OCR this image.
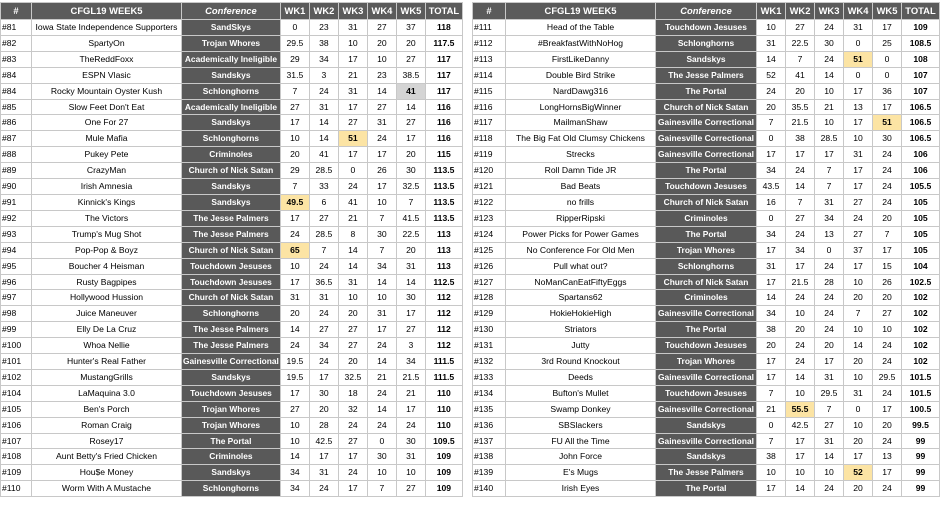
#	CFGL19 WEEK5	Conference	WK1	WK2	WK3	WK4	WK5	TOTAL
#81	Iowa State Independence Supporters	SandSkys	0	23	31	27	37	118
#82	SpartyOn	Trojan Whores	29.5	38	10	20	20	117.5
#83	TheReddFoxx	Academically Ineligible	29	34	17	10	27	117
#84	ESPN Vlasic	Sandskys	31.5	3	21	23	38.5	117
#84	Rocky Mountain Oyster Kush	Schlonghorns	7	24	31	14	41	117
#85	Slow Feet Don't Eat	Academically Ineligible	27	31	17	27	14	116
#86	One For 27	Sandskys	17	14	27	31	27	116
#87	Mule Mafia	Schlonghorns	10	14	51	24	17	116
#88	Pukey Pete	Criminoles	20	41	17	17	20	115
#89	CrazyMan	Church of Nick Satan	29	28.5	0	26	30	113.5
#90	Irish Amnesia	Sandskys	7	33	24	17	32.5	113.5
#91	Kinnick's Kings	Sandskys	49.5	6	41	10	7	113.5
#92	The Victors	The Jesse Palmers	17	27	21	7	41.5	113.5
#93	Trump's Mug Shot	The Jesse Palmers	24	28.5	8	30	22.5	113
#94	Pop-Pop & Boyz	Church of Nick Satan	65	7	14	7	20	113
#95	Boucher 4 Heisman	Touchdown Jesuses	10	24	14	34	31	113
#96	Rusty Bagpipes	Touchdown Jesuses	17	36.5	31	14	14	112.5
#97	Hollywood Hussion	Church of Nick Satan	31	31	10	10	30	112
#98	Juice Maneuver	Schlonghorns	20	24	20	31	17	112
#99	Elly De La Cruz	The Jesse Palmers	14	27	27	17	27	112
#100	Whoa Nellie	The Jesse Palmers	24	34	27	24	3	112
#101	Hunter's Real Father	Gainesville Correctional	19.5	24	20	14	34	111.5
#102	MustangGrills	Sandskys	19.5	17	32.5	21	21.5	111.5
#104	LaMaquina 3.0	Touchdown Jesuses	17	30	18	24	21	110
#105	Ben's Porch	Trojan Whores	27	20	32	14	17	110
#106	Roman Craig	Trojan Whores	10	28	24	24	24	110
#107	Rosey17	The Portal	10	42.5	27	0	30	109.5
#108	Aunt Betty's Fried Chicken	Criminoles	14	17	17	30	31	109
#109	Hou$e Money	Sandskys	34	31	24	10	10	109
#110	Worm With A Mustache	Schlonghorns	34	24	17	7	27	109
#	CFGL19 WEEK5	Conference	WK1	WK2	WK3	WK4	WK5	TOTAL
#111	Head of the Table	Touchdown Jesuses	10	27	24	31	17	109
#112	#BreakfastWithNoHog	Schlonghorns	31	22.5	30	0	25	108.5
#113	FirstLikeDanny	Sandskys	14	7	24	51	0	108
#114	Double Bird Strike	The Jesse Palmers	52	41	14	0	0	107
#115	NardDawg316	The Portal	24	20	10	17	36	107
#116	LongHornsBigWinner	Church of Nick Satan	20	35.5	21	13	17	106.5
#117	MailmanShaw	Gainesville Correctional	7	21.5	10	17	51	106.5
#118	The Big Fat Old Clumsy Chickens	Gainesville Correctional	0	38	28.5	10	30	106.5
#119	Strecks	Gainesville Correctional	17	17	17	31	24	106
#120	Roll Damn Tide JR	The Portal	34	24	7	17	24	106
#121	Bad Beats	Touchdown Jesuses	43.5	14	7	17	24	105.5
#122	no frills	Church of Nick Satan	16	7	31	27	24	105
#123	RipperRipski	Criminoles	0	27	34	24	20	105
#124	Power Picks for Power Games	The Portal	34	24	13	27	7	105
#125	No Conference For Old Men	Trojan Whores	17	34	0	37	17	105
#126	Pull what out?	Schlonghorns	31	17	24	17	15	104
#127	NoManCanEatFiftyEggs	Church of Nick Satan	17	21.5	28	10	26	102.5
#128	Spartans62	Criminoles	14	24	24	20	20	102
#129	HokieHokieHigh	Gainesville Correctional	34	10	24	7	27	102
#130	Striators	The Portal	38	20	24	10	10	102
#131	Jutty	Touchdown Jesuses	20	24	20	14	24	102
#132	3rd Round Knockout	Trojan Whores	17	24	17	20	24	102
#133	Deeds	Gainesville Correctional	17	14	31	10	29.5	101.5
#134	Bufton's Mullet	Touchdown Jesuses	7	10	29.5	31	24	101.5
#135	Swamp Donkey	Gainesville Correctional	21	55.5	7	0	17	100.5
#136	SBSlackers	Sandskys	0	42.5	27	10	20	99.5
#137	FU All the Time	Gainesville Correctional	7	17	31	20	24	99
#138	John Force	Sandskys	38	17	14	17	13	99
#139	E's Mugs	The Jesse Palmers	10	10	10	52	17	99
#140	Irish Eyes	The Portal	17	14	24	20	24	99
